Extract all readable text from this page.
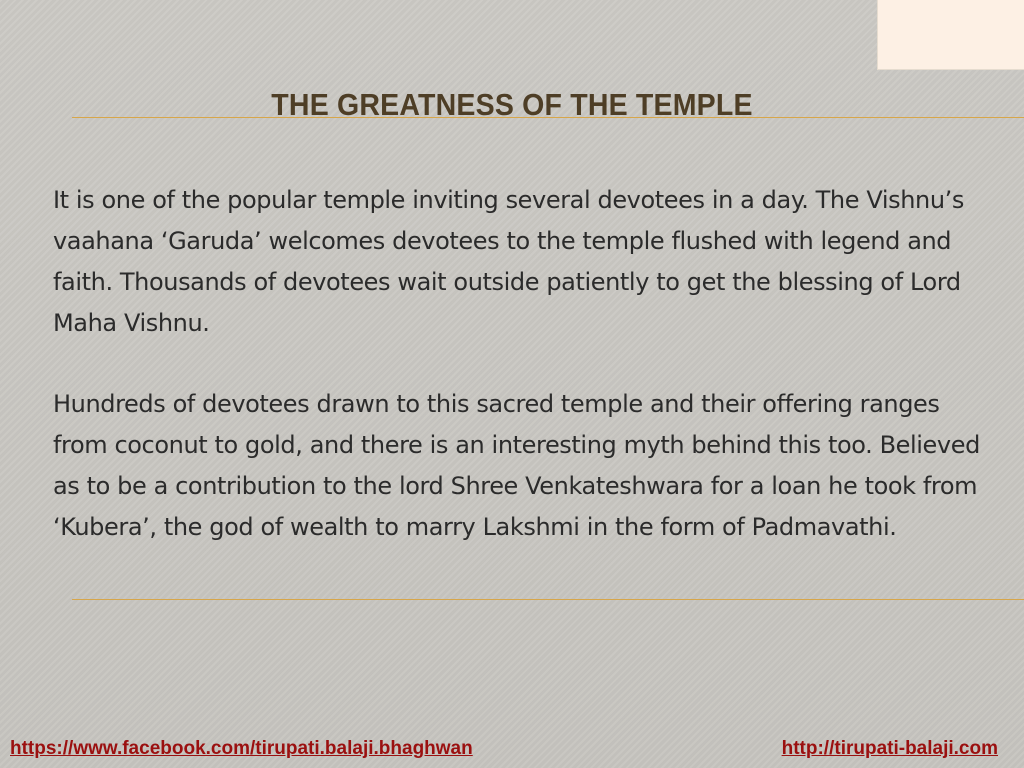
THE GREATNESS OF THE TEMPLE

It is one of the popular temple inviting several devotees in a day. The Vishnu’s vaahana ‘Garuda’ welcomes devotees to the temple flushed with legend and faith. Thousands of devotees wait outside patiently to get the blessing of Lord Maha Vishnu.

Hundreds of devotees drawn to this sacred temple and their offering ranges from coconut to gold, and there is an interesting myth behind this too. Believed as to be a contribution to the lord Shree Venkateshwara for a loan he took from ‘Kubera’, the god of wealth to marry Lakshmi in the form of Padmavathi.

https://www.facebook.com/tirupati.balaji.bhaghwan	http://tirupati-balaji.com
